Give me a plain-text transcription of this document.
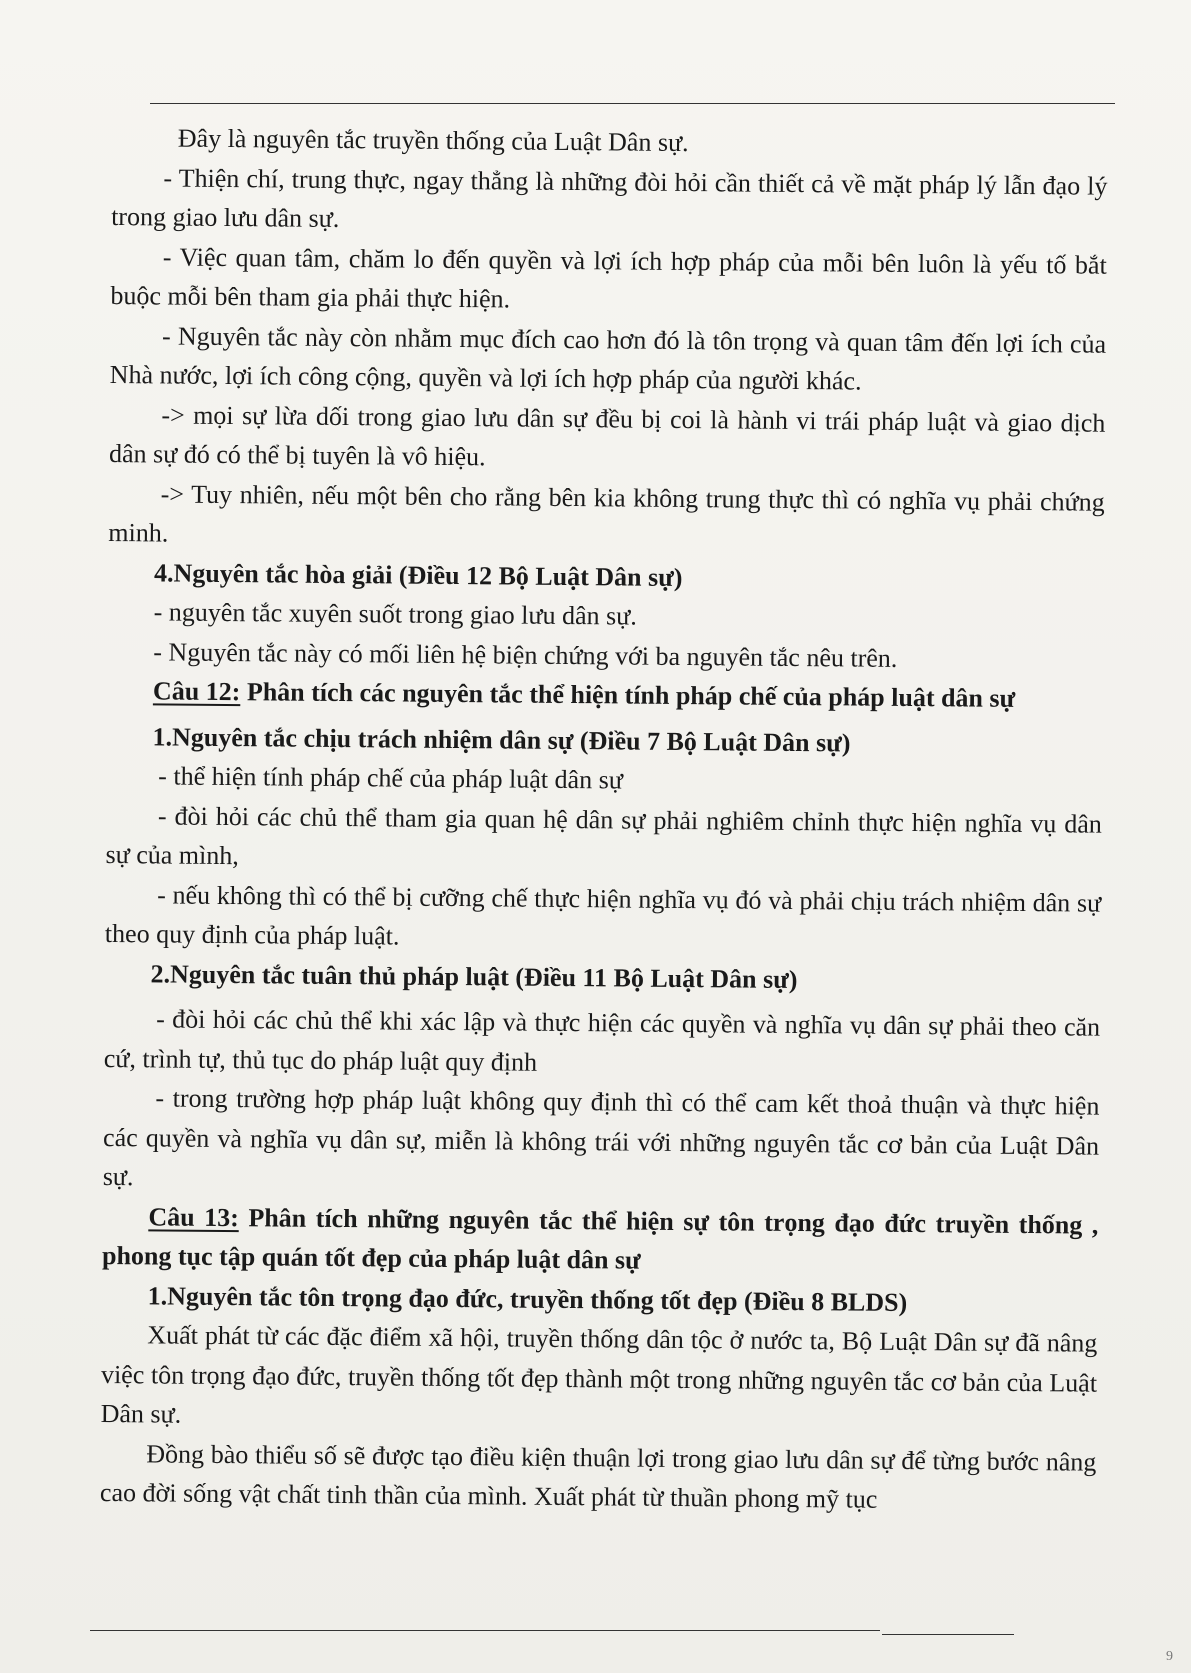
Đây là nguyên tắc truyền thống của Luật Dân sự.

- Thiện chí, trung thực, ngay thẳng là những đòi hỏi cần thiết cả về mặt pháp lý lẫn đạo lý trong giao lưu dân sự.

- Việc quan tâm, chăm lo đến quyền và lợi ích hợp pháp của mỗi bên luôn là yếu tố bắt buộc mỗi bên tham gia phải thực hiện.

- Nguyên tắc này còn nhằm mục đích cao hơn đó là tôn trọng và quan tâm đến lợi ích của Nhà nước, lợi ích công cộng, quyền và lợi ích hợp pháp của người khác.

-> mọi sự lừa dối trong giao lưu dân sự đều bị coi là hành vi trái pháp luật và giao dịch dân sự đó có thể bị tuyên là vô hiệu.

-> Tuy nhiên, nếu một bên cho rằng bên kia không trung thực thì có nghĩa vụ phải chứng minh.

4.Nguyên tắc hòa giải (Điều 12 Bộ Luật Dân sự)

- nguyên tắc xuyên suốt trong giao lưu dân sự.

- Nguyên tắc này có mối liên hệ biện chứng với ba nguyên tắc nêu trên.

Câu 12: Phân tích các nguyên tắc thể hiện tính pháp chế của pháp luật dân sự

1.Nguyên tắc chịu trách nhiệm dân sự (Điều 7 Bộ Luật Dân sự)

- thể hiện tính pháp chế của pháp luật dân sự

- đòi hỏi các chủ thể tham gia quan hệ dân sự phải nghiêm chỉnh thực hiện nghĩa vụ dân sự của mình,

- nếu không thì có thể bị cưỡng chế thực hiện nghĩa vụ đó và phải chịu trách nhiệm dân sự theo quy định của pháp luật.

2.Nguyên tắc tuân thủ pháp luật (Điều 11 Bộ Luật Dân sự)

- đòi hỏi các chủ thể khi xác lập và thực hiện các quyền và nghĩa vụ dân sự phải theo căn cứ, trình tự, thủ tục do pháp luật quy định

- trong trường hợp pháp luật không quy định thì có thể cam kết thoả thuận và thực hiện các quyền và nghĩa vụ dân sự, miễn là không trái với những nguyên tắc cơ bản của Luật Dân sự.

Câu 13: Phân tích những nguyên tắc thể hiện sự tôn trọng đạo đức truyền thống , phong tục tập quán tốt đẹp của pháp luật dân sự

1.Nguyên tắc tôn trọng đạo đức, truyền thống tốt đẹp (Điều 8 BLDS)

Xuất phát từ các đặc điểm xã hội, truyền thống dân tộc ở nước ta, Bộ Luật Dân sự đã nâng việc tôn trọng đạo đức, truyền thống tốt đẹp thành một trong những nguyên tắc cơ bản của Luật Dân sự.

Đồng bào thiểu số sẽ được tạo điều kiện thuận lợi trong giao lưu dân sự để từng bước nâng cao đời sống vật chất tinh thần của mình. Xuất phát từ thuần phong mỹ tục

9
